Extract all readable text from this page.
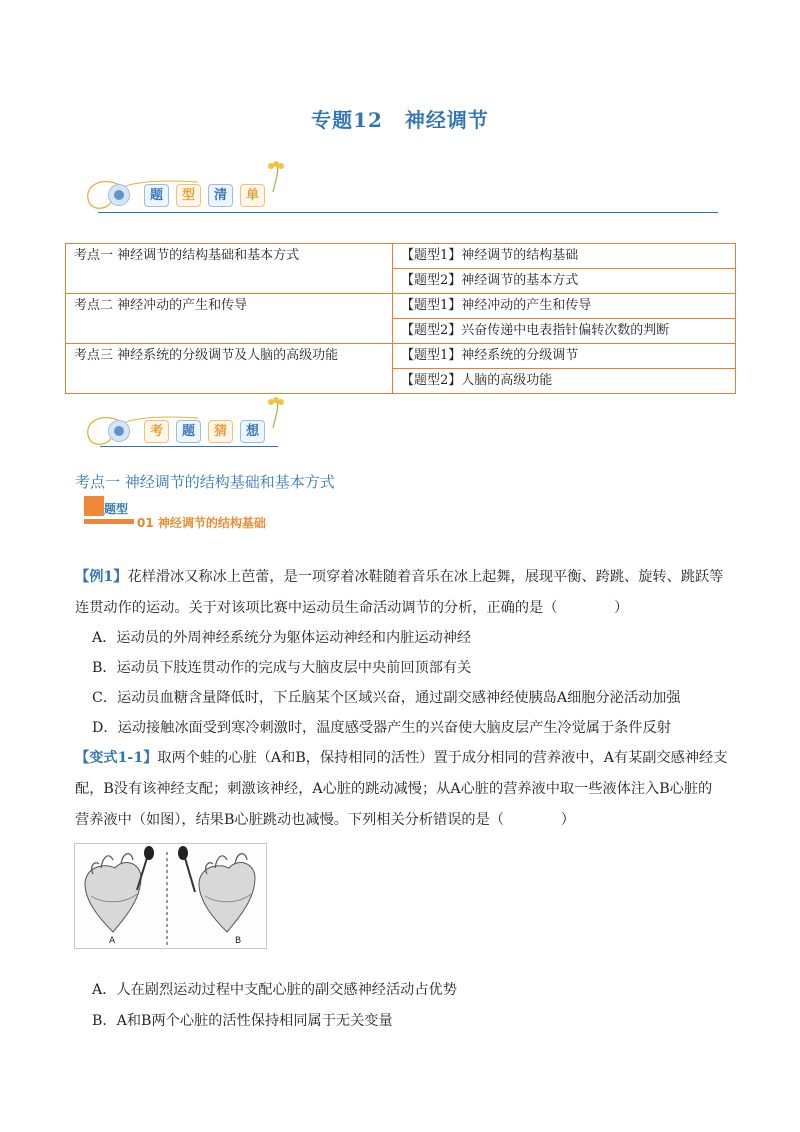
专题12 神经调节
题	型	清	单
考点一 神经调节的结构基础和基本方式	【题型1】神经调节的结构基础
	【题型2】神经调节的基本方式
考点二 神经冲动的产生和传导	【题型1】神经冲动的产生和传导
	【题型2】兴奋传递中电表指针偏转次数的判断
考点三 神经系统的分级调节及人脑的高级功能	【题型1】神经系统的分级调节
	【题型2】人脑的高级功能
考	题	猜	想
考点一 神经调节的结构基础和基本方式
题型
01 神经调节的结构基础
【例1】花样滑冰又称冰上芭蕾，是一项穿着冰鞋随着音乐在冰上起舞，展现平衡、跨跳、旋转、跳跃等
连贯动作的运动。关于对该项比赛中运动员生命活动调节的分析，正确的是（　　　　）
A．运动员的外周神经系统分为躯体运动神经和内脏运动神经
B．运动员下肢连贯动作的完成与大脑皮层中央前回顶部有关
C．运动员血糖含量降低时，下丘脑某个区域兴奋，通过副交感神经使胰岛A细胞分泌活动加强
D．运动接触冰面受到寒冷刺激时，温度感受器产生的兴奋使大脑皮层产生冷觉属于条件反射
【变式1-1】取两个蛙的心脏（A和B，保持相同的活性）置于成分相同的营养液中，A有某副交感神经支
配，B没有该神经支配；刺激该神经，A心脏的跳动减慢；从A心脏的营养液中取一些液体注入B心脏的
营养液中（如图），结果B心脏跳动也减慢。下列相关分析错误的是（　　　　）
A	B
A．人在剧烈运动过程中支配心脏的副交感神经活动占优势
B．A和B两个心脏的活性保持相同属于无关变量
